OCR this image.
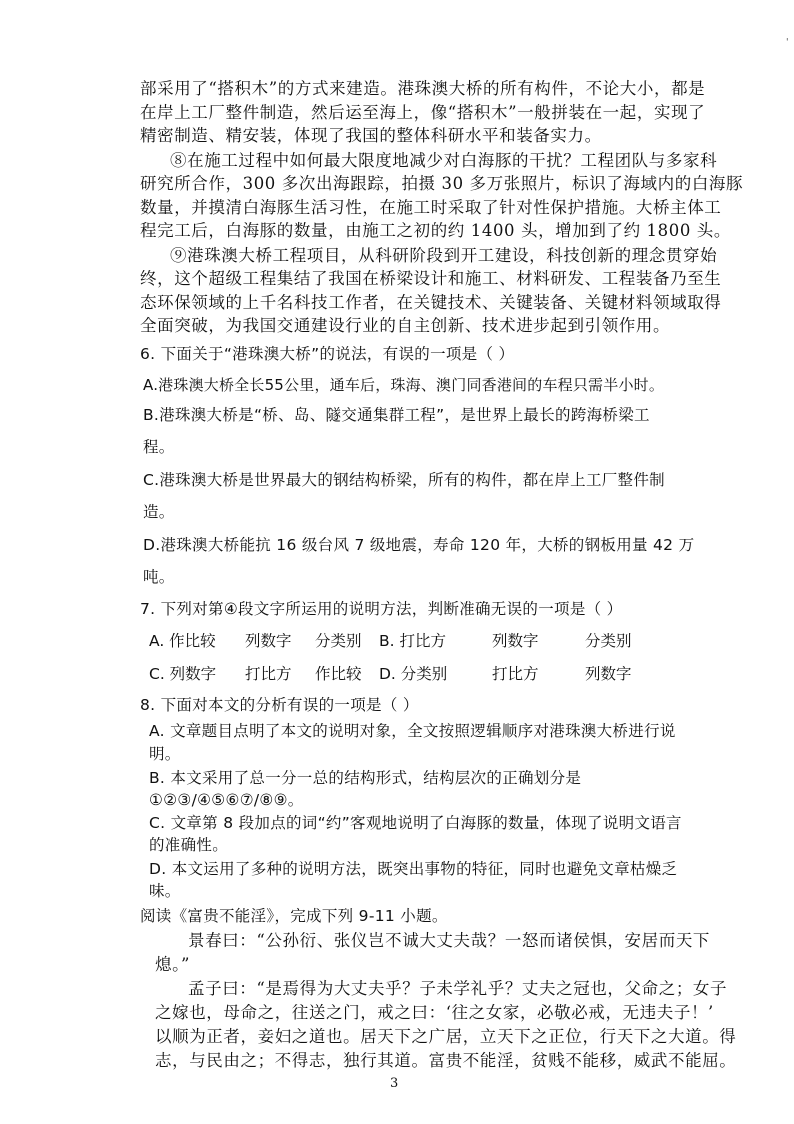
'
部采用了“搭积木”的方式来建造。港珠澳大桥的所有构件，不论大小，都是
在岸上工厂整件制造，然后运至海上，像“搭积木”一般拼装在一起，实现了
精密制造、精安装，体现了我国的整体科研水平和装备实力。
⑧在施工过程中如何最大限度地减少对白海豚的干扰？工程团队与多家科
研究所合作，300 多次出海跟踪，拍摄 30 多万张照片，标识了海域内的白海豚
数量，并摸清白海豚生活习性，在施工时采取了针对性保护措施。大桥主体工
程完工后，白海豚的数量，由施工之初的约 1400 头，增加到了约 1800 头。
⑨港珠澳大桥工程项目，从科研阶段到开工建设，科技创新的理念贯穿始
终，这个超级工程集结了我国在桥梁设计和施工、材料研发、工程装备乃至生
态环保领域的上千名科技工作者，在关键技术、关键装备、关键材料领域取得
全面突破，为我国交通建设行业的自主创新、技术进步起到引领作用。
6. 下面关于“港珠澳大桥”的说法，有误的一项是（ ）
A.港珠澳大桥全长55公里，通车后，珠海、澳门同香港间的车程只需半小时。
B.港珠澳大桥是“桥、岛、隧交通集群工程”，是世界上最长的跨海桥梁工
程。
C.港珠澳大桥是世界最大的钢结构桥梁，所有的构件，都在岸上工厂整件制
造。
D.港珠澳大桥能抗 16 级台风 7 级地震，寿命 120 年，大桥的钢板用量 42 万
吨。
7. 下列对第④段文字所运用的说明方法，判断准确无误的一项是（ ）
A. 作比较 列数字 分类别 B. 打比方	列数字	分类别
C. 列数字 打比方 作比较 D. 分类别	打比方	列数字
8. 下面对本文的分析有误的一项是（ ）
A. 文章题目点明了本文的说明对象，全文按照逻辑顺序对港珠澳大桥进行说
明。
B. 本文采用了总一分一总的结构形式，结构层次的正确划分是
①②③/④⑤⑥⑦/⑧⑨。
C. 文章第 8 段加点的词“约”客观地说明了白海豚的数量，体现了说明文语言
的准确性。
D. 本文运用了多种的说明方法，既突出事物的特征，同时也避免文章枯燥乏
味。
阅读《富贵不能淫》，完成下列 9-11 小题。
景春曰：“公孙衍、张仪岂不诚大丈夫哉？一怒而诸侯惧，安居而天下
熄。”
孟子曰：“是焉得为大丈夫乎？子未学礼乎？丈夫之冠也，父命之；女子
之嫁也，母命之，往送之门，戒之曰：‘往之女家，必敬必戒，无违夫子！’
以顺为正者，妾妇之道也。居天下之广居，立天下之正位，行天下之大道。得
志，与民由之；不得志，独行其道。富贵不能淫，贫贱不能移，威武不能屈。
3
